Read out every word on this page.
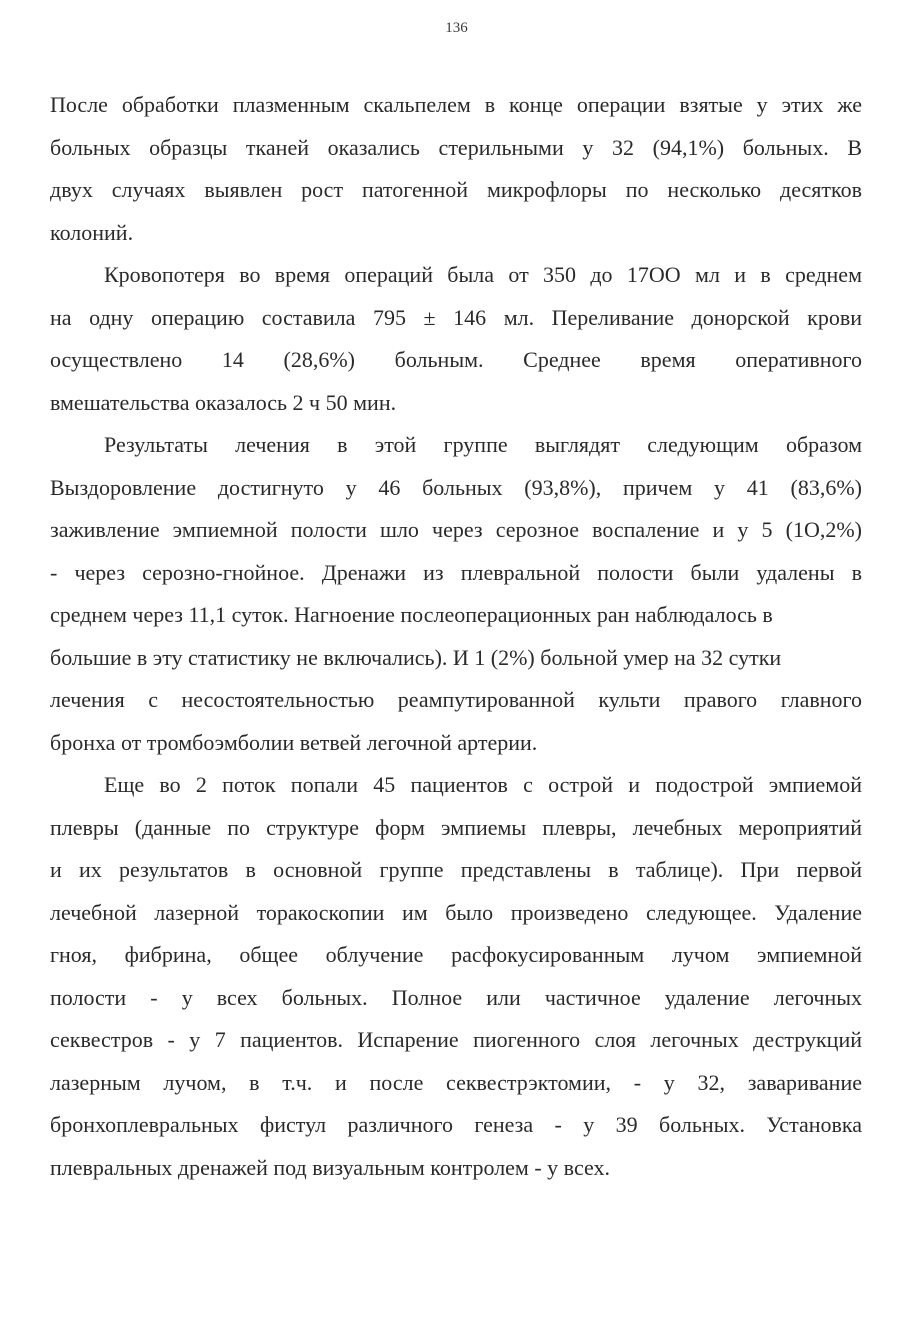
136

После обработки плазменным скальпелем в конце операции взятые у этих же
больных образцы тканей оказались стерильными у 32 (94,1%) больных. В
двух случаях выявлен рост патогенной микрофлоры по несколько десятков
колоний.

Кровопотеря во время операций была от 350 до 17ОО мл и в среднем
на одну операцию составила 795 ± 146 мл. Переливание донорской крови
осуществлено 14 (28,6%) больным. Среднее время оперативного
вмешательства оказалось 2 ч 50 мин.

Результаты лечения в этой группе выглядят следующим образом
Выздоровление достигнуто у 46 больных (93,8%), причем у 41 (83,6%)
заживление эмпиемной полости шло через серозное воспаление и у 5 (1О,2%)
- через серозно-гнойное. Дренажи из плевральной полости были удалены в
среднем через 11,1 суток. Нагноение послеоперационных ран наблюдалось в
большие в эту статистику не включались). И 1 (2%) больной умер на 32 сутки
лечения с несостоятельностью реампутированной культи правого главного
бронха от тромбоэмболии ветвей легочной артерии.

Еще во 2 поток попали 45 пациентов с острой и подострой эмпиемой
плевры (данные по структуре форм эмпиемы плевры, лечебных мероприятий
и их результатов в основной группе представлены в таблице). При первой
лечебной лазерной торакоскопии им было произведено следующее. Удаление
гноя, фибрина, общее облучение расфокусированным лучом эмпиемной
полости - у всех больных. Полное или частичное удаление легочных
секвестров - у 7 пациентов. Испарение пиогенного слоя легочных деструкций
лазерным лучом, в т.ч. и после секвестрэктомии, - у 32, заваривание
бронхоплевральных фистул различного генеза - у 39 больных. Установка
плевральных дренажей под визуальным контролем - у всех.
